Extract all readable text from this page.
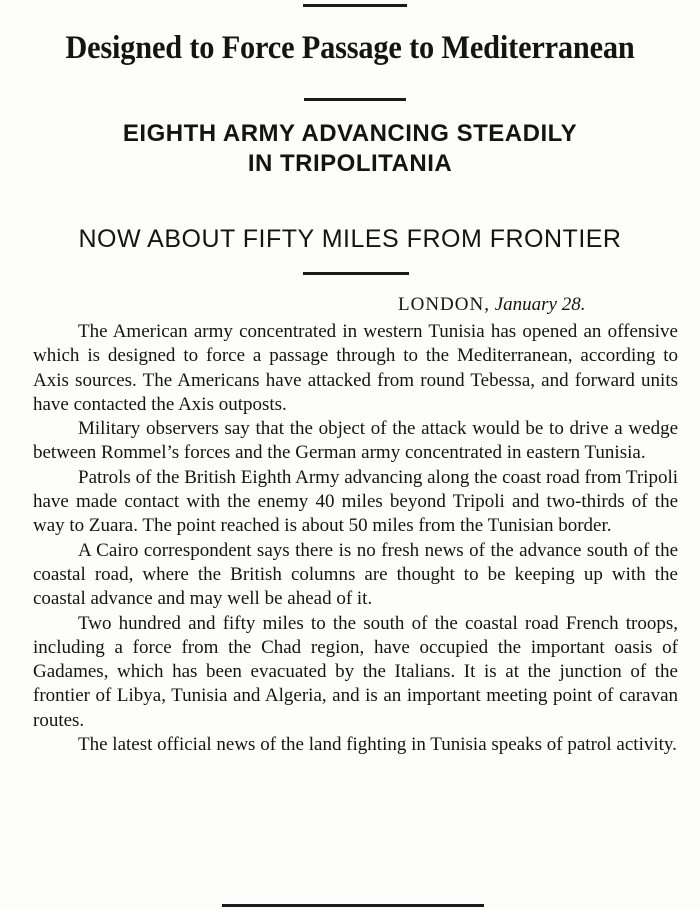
Designed to Force Passage to Mediterranean
EIGHTH ARMY ADVANCING STEADILY
IN TRIPOLITANIA
NOW ABOUT FIFTY MILES FROM FRONTIER
LONDON, January 28.

The American army concentrated in western Tunisia has opened an offensive which is designed to force a passage through to the Mediterranean, according to Axis sources. The Americans have attacked from round Tebessa, and forward units have contacted the Axis outposts.

Military observers say that the object of the attack would be to drive a wedge between Rommel’s forces and the German army concentrated in eastern Tunisia.

Patrols of the British Eighth Army advancing along the coast road from Tripoli have made contact with the enemy 40 miles beyond Tripoli and two-thirds of the way to Zuara. The point reached is about 50 miles from the Tunisian border.

A Cairo correspondent says there is no fresh news of the advance south of the coastal road, where the British columns are thought to be keeping up with the coastal advance and may well be ahead of it.

Two hundred and fifty miles to the south of the coastal road French troops, including a force from the Chad region, have occupied the important oasis of Gadames, which has been evacuated by the Italians. It is at the junction of the frontier of Libya, Tunisia and Algeria, and is an important meeting point of caravan routes.

The latest official news of the land fighting in Tunisia speaks of patrol activity.
